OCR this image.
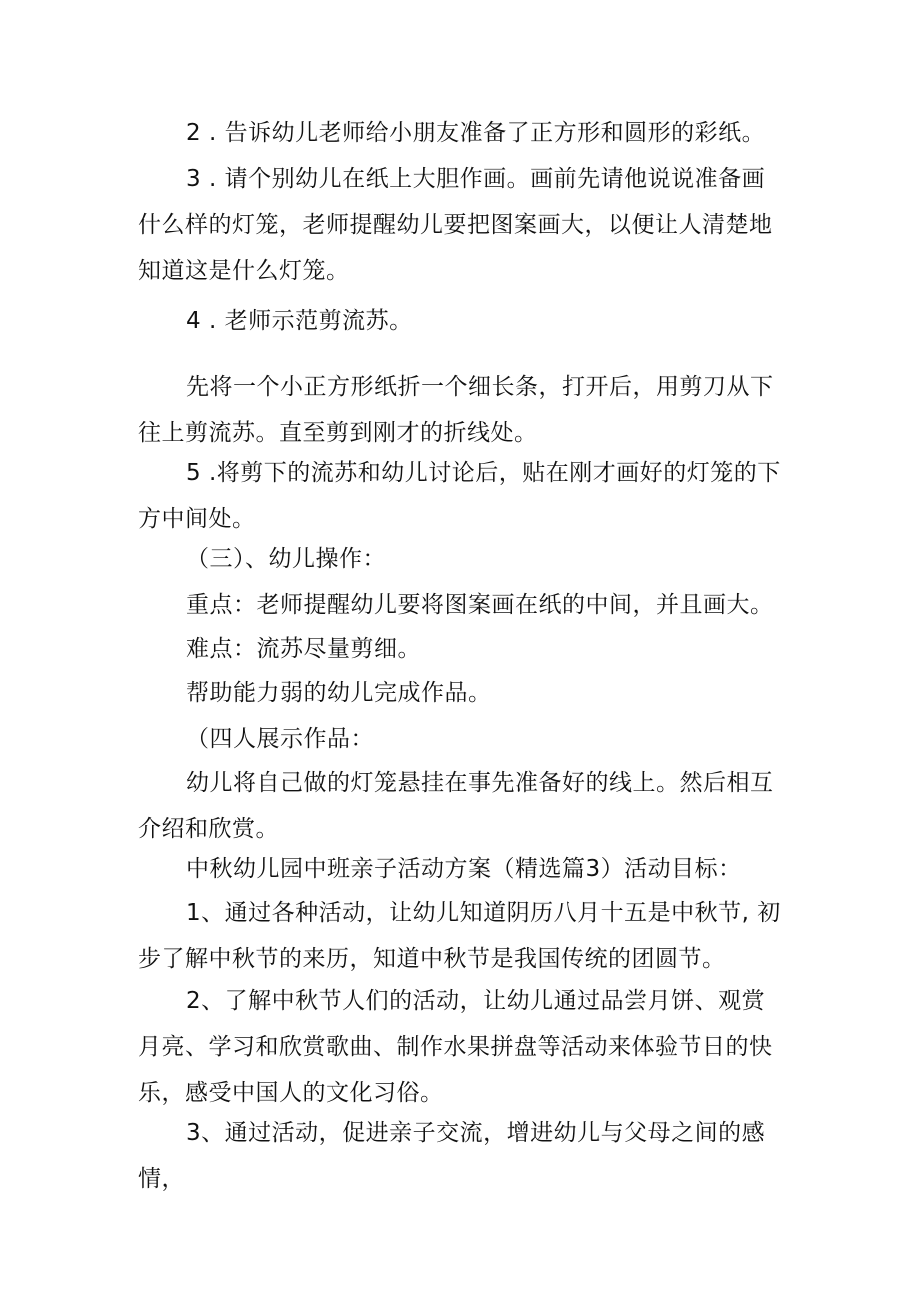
2 . 告诉幼儿老师给小朋友准备了正方形和圆形的彩纸。

3 . 请个别幼儿在纸上大胆作画。画前先请他说说准备画什么样的灯笼，老师提醒幼儿要把图案画大，以便让人清楚地知道这是什么灯笼。

4 . 老师示范剪流苏。

先将一个小正方形纸折一个细长条，打开后，用剪刀从下往上剪流苏。直至剪到刚才的折线处。

5 .将剪下的流苏和幼儿讨论后，贴在刚才画好的灯笼的下方中间处。

（三）、幼儿操作：

重点：老师提醒幼儿要将图案画在纸的中间，并且画大。

难点：流苏尽量剪细。

帮助能力弱的幼儿完成作品。

（四人展示作品：

幼儿将自己做的灯笼悬挂在事先准备好的线上。然后相互介绍和欣赏。

中秋幼儿园中班亲子活动方案（精选篇3）活动目标：

1、通过各种活动，让幼儿知道阴历八月十五是中秋节, 初步了解中秋节的来历，知道中秋节是我国传统的团圆节。

2、了解中秋节人们的活动，让幼儿通过品尝月饼、观赏月亮、学习和欣赏歌曲、制作水果拼盘等活动来体验节日的快乐，感受中国人的文化习俗。

3、通过活动，促进亲子交流，增进幼儿与父母之间的感情，
